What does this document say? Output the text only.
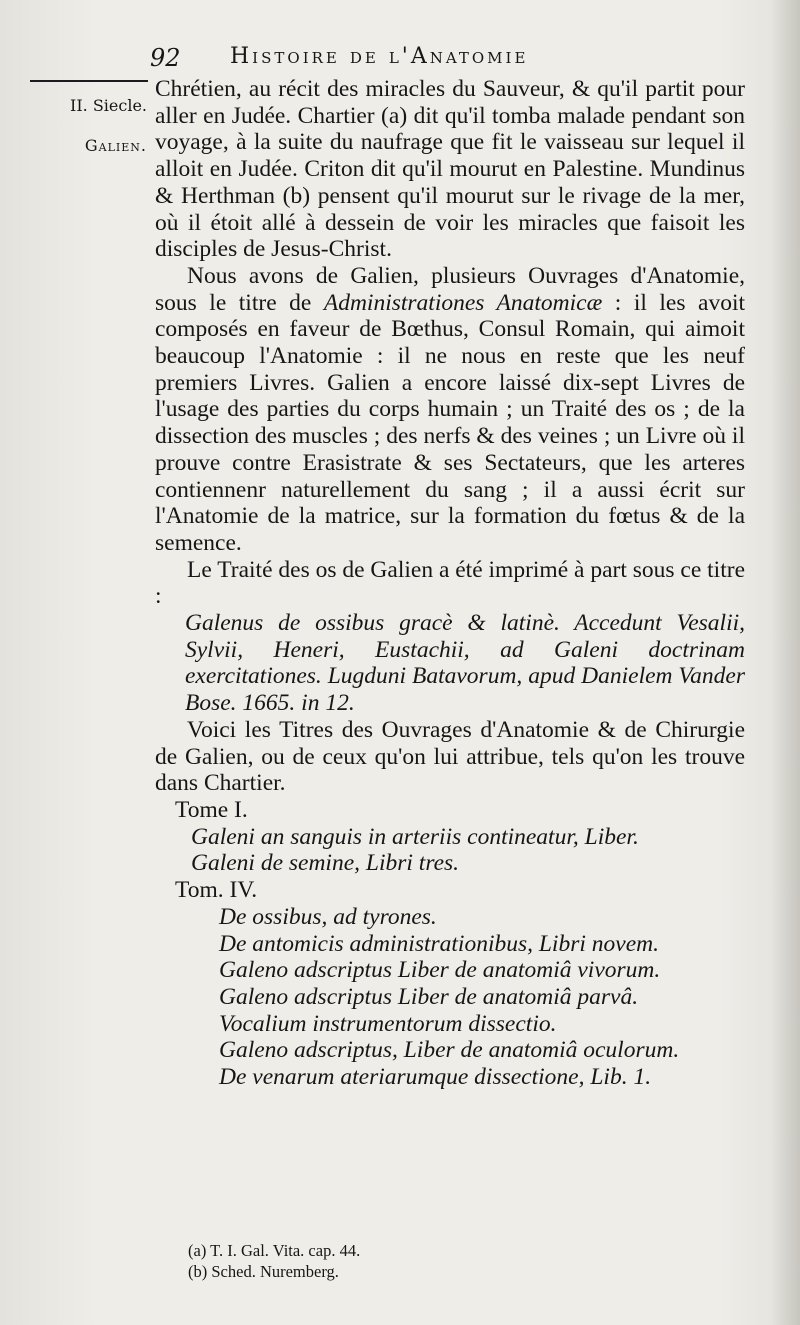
92 Histoire de l'Anatomie
II. Siecle.
Galien.

Chrétien, au récit des miracles du Sauveur, & qu'il partit pour aller en Judée. Chartier (a) dit qu'il tomba malade pendant son voyage, à la suite du naufrage que fit le vaisseau sur lequel il alloit en Judée. Criton dit qu'il mourut en Palestine. Mundinus & Herthman (b) pensent qu'il mourut sur le rivage de la mer, où il étoit allé à dessein de voir les miracles que faisoit les disciples de Jesus-Christ.

Nous avons de Galien, plusieurs Ouvrages d'Anatomie, sous le titre de Administrationes Anatomicæ : il les avoit composés en faveur de Bœthus, Consul Romain, qui aimoit beaucoup l'Anatomie : il ne nous en reste que les neuf premiers Livres. Galien a encore laissé dix-sept Livres de l'usage des parties du corps humain ; un Traité des os ; de la dissection des muscles ; des nerfs & des veines ; un Livre où il prouve contre Erasistrate & ses Sectateurs, que les arteres contiennenr naturellement du sang ; il a aussi écrit sur l'Anatomie de la matrice, sur la formation du fœtus & de la semence.

Le Traité des os de Galien a été imprimé à part sous ce titre :

Galenus de ossibus gracè & latinè. Accedunt Vesalii, Sylvii, Heneri, Eustachii, ad Galeni doctrinam exercitationes. Lugduni Batavorum, apud Danielem Vander Bose. 1665. in 12.

Voici les Titres des Ouvrages d'Anatomie & de Chirurgie de Galien, ou de ceux qu'on lui attribue, tels qu'on les trouve dans Chartier.

Tome I.

Galeni an sanguis in arteriis contineatur, Liber.

Galeni de semine, Libri tres.

Tom. IV.

De ossibus, ad tyrones.

De antomicis administrationibus, Libri novem.

Galeno adscriptus Liber de anatomiâ vivorum.

Galeno adscriptus Liber de anatomiâ parvâ.

Vocalium instrumentorum dissectio.

Galeno adscriptus, Liber de anatomiâ oculorum.

De venarum ateriarumque dissectione, Lib. 1.

(a) T. I. Gal. Vita. cap. 44.
(b) Sched. Nuremberg.
